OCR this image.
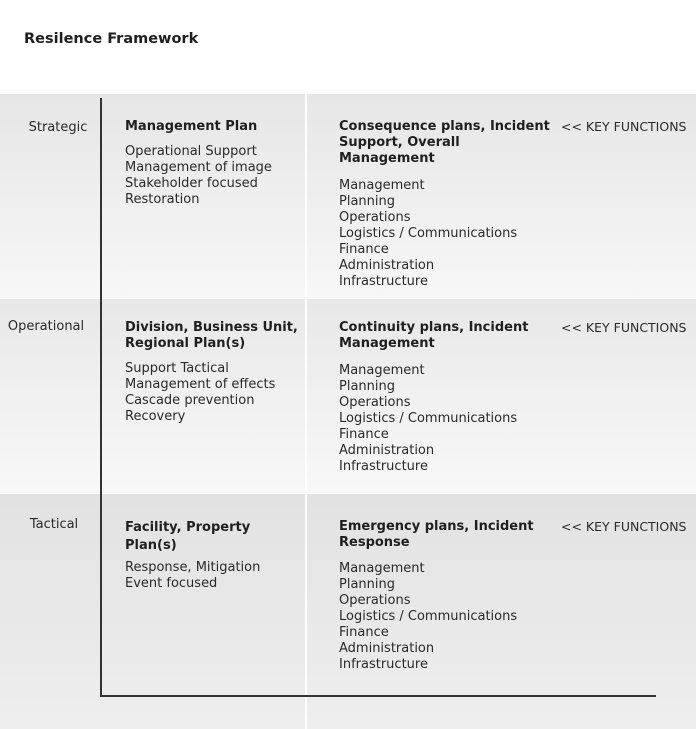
Resilence Framework
Strategic	Management Plan
Operational Support
Management of image
Stakeholder focused
Restoration
Consequence plans, Incident Support, Overall Management
Management
Planning
Operations
Logistics / Communications
Finance
Administration
Infrastructure
<< KEY FUNCTIONS
Operational	Division, Business Unit, Regional Plan(s)
Support Tactical
Management of effects
Cascade prevention
Recovery
Continuity plans, Incident Management
Management
Planning
Operations
Logistics / Communications
Finance
Administration
Infrastructure
<< KEY FUNCTIONS
Tactical	Facility, Property Plan(s)
Response, Mitigation
Event focused
Emergency plans, Incident Response
Management
Planning
Operations
Logistics / Communications
Finance
Administration
Infrastructure
<< KEY FUNCTIONS
